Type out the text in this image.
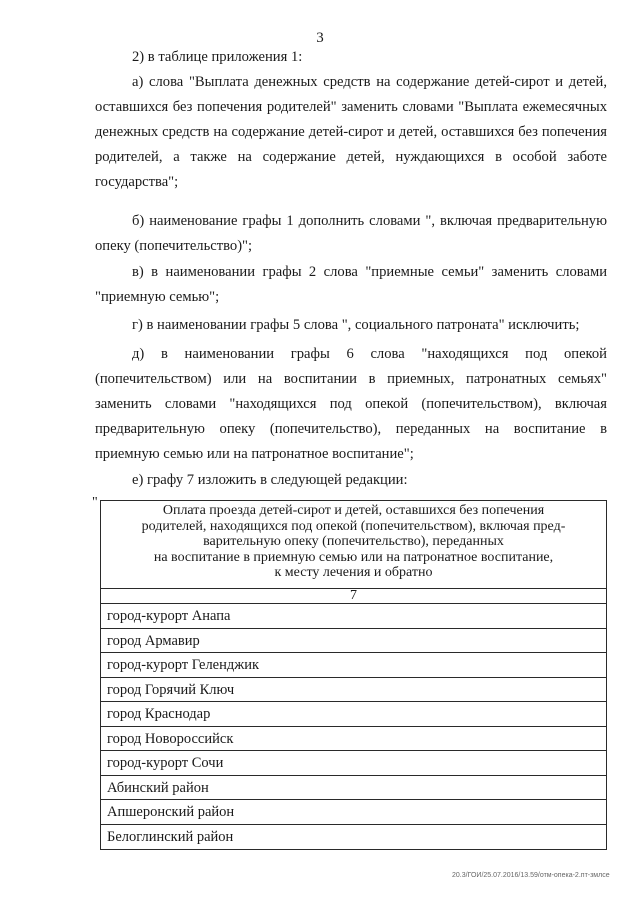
3

2) в таблице приложения 1:

а) слова "Выплата денежных средств на содержание детей-сирот и детей, оставшихся без попечения родителей" заменить словами "Выплата ежемесячных денежных средств на содержание детей-сирот и детей, оставшихся без попечения родителей, а также на содержание детей, нуждающихся в особой заботе государства";

б) наименование графы 1 дополнить словами ", включая предварительную опеку (попечительство)";

в) в наименовании графы 2 слова "приемные семьи" заменить словами "приемную семью";

г) в наименовании графы 5 слова ", социального патроната" исключить;

д) в наименовании графы 6 слова "находящихся под опекой (попечительством) или на воспитании в приемных, патронатных семьях" заменить словами "находящихся под опекой (попечительством), включая предварительную опеку (попечительство), переданных на воспитание в приемную семью или на патронатное воспитание";

е) графу 7 изложить в следующей редакции:

"
Оплата проезда детей-сирот и детей, оставшихся без попечения
родителей, находящихся под опекой (попечительством), включая пред-
варительную опеку (попечительство), переданных
на воспитание в приемную семью или на патронатное воспитание,
к месту лечения и обратно
7
город-курорт Анапа
город Армавир
город-курорт Геленджик
город Горячий Ключ
город Краснодар
город Новороссийск
город-курорт Сочи
Абинский район
Апшеронский район
Белоглинский район
20.3/ГОИ/25.07.2016/13.59/отм-опека-2.пт-змлсе
